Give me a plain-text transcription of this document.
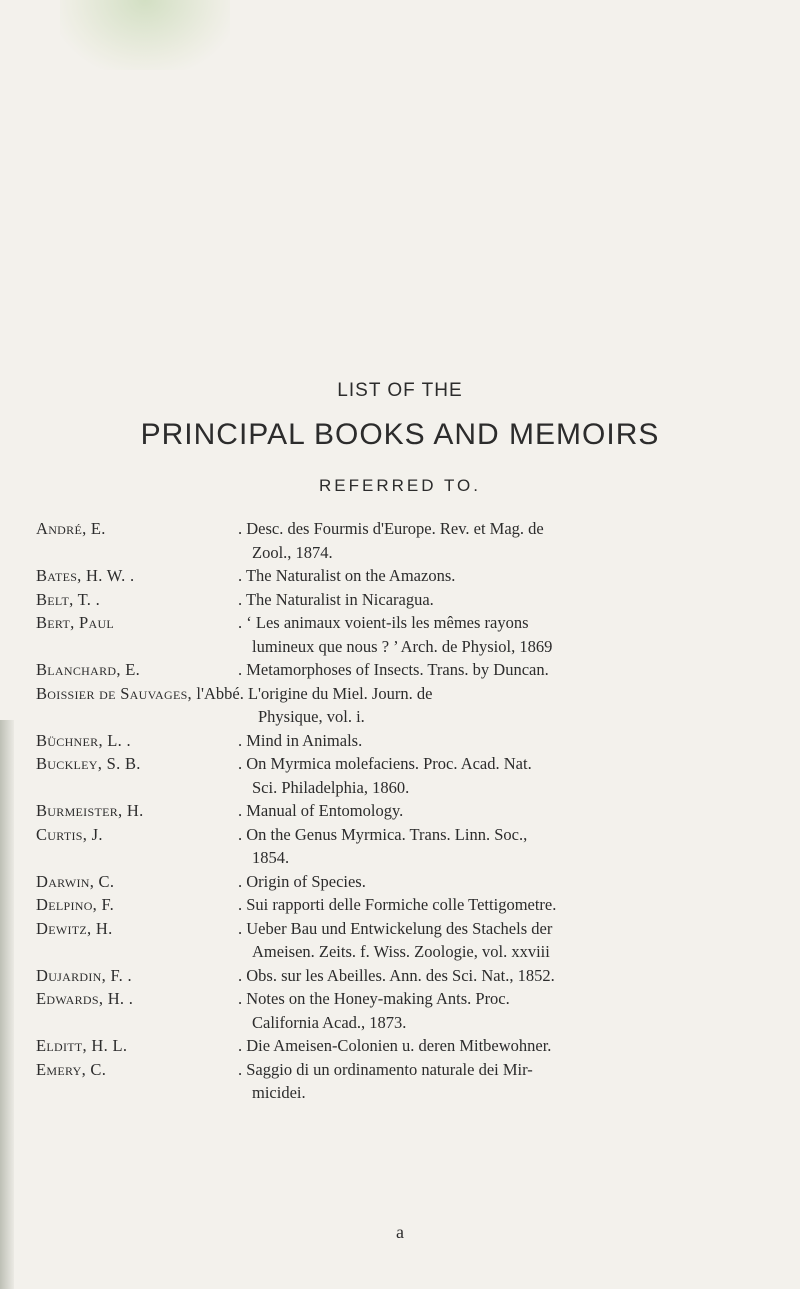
LIST OF THE
PRINCIPAL BOOKS AND MEMOIRS
REFERRED TO.
André, E.	. Desc. des Fourmis d'Europe. Rev. et Mag. de
Zool., 1874.
Bates, H. W. .	. The Naturalist on the Amazons.
Belt, T. .	. The Naturalist in Nicaragua.
Bert, Paul	. ‘ Les animaux voient-ils les mêmes rayons
lumineux que nous ? ’ Arch. de Physiol, 1869
Blanchard, E.	. Metamorphoses of Insects. Trans. by Duncan.
Boissier de Sauvages, l'Abbé. L'origine du Miel. Journ. de
Physique, vol. i.
Büchner, L. .	. Mind in Animals.
Buckley, S. B.	. On Myrmica molefaciens. Proc. Acad. Nat.
Sci. Philadelphia, 1860.
Burmeister, H.	. Manual of Entomology.
Curtis, J.	. On the Genus Myrmica. Trans. Linn. Soc.,
1854.
Darwin, C.	. Origin of Species.
Delpino, F.	. Sui rapporti delle Formiche colle Tettigometre.
Dewitz, H.	. Ueber Bau und Entwickelung des Stachels der
Ameisen. Zeits. f. Wiss. Zoologie, vol. xxviii
Dujardin, F. .	. Obs. sur les Abeilles. Ann. des Sci. Nat., 1852.
Edwards, H. .	. Notes on the Honey-making Ants. Proc.
California Acad., 1873.
Elditt, H. L.	. Die Ameisen-Colonien u. deren Mitbewohner.
Emery, C.	. Saggio di un ordinamento naturale dei Mir-
micidei.
a
